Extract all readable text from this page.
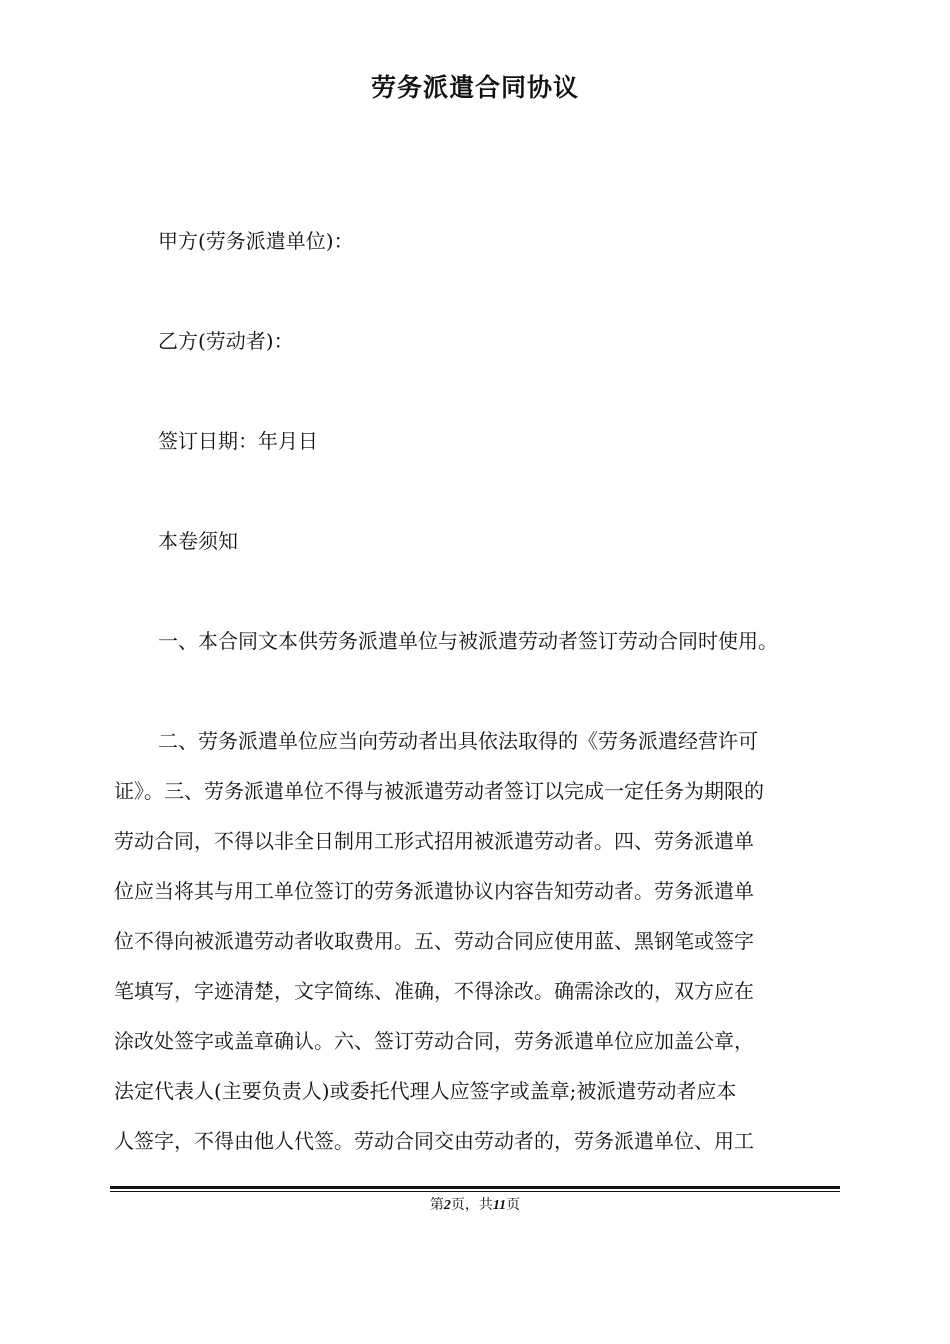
劳务派遣合同协议
甲方(劳务派遣单位)：
乙方(劳动者)：
签订日期：年月日
本卷须知
一、本合同文本供劳务派遣单位与被派遣劳动者签订劳动合同时使用。
二、劳务派遣单位应当向劳动者出具依法取得的《劳务派遣经营许可
证》。三、劳务派遣单位不得与被派遣劳动者签订以完成一定任务为期限的
劳动合同，不得以非全日制用工形式招用被派遣劳动者。四、劳务派遣单
位应当将其与用工单位签订的劳务派遣协议内容告知劳动者。劳务派遣单
位不得向被派遣劳动者收取费用。五、劳动合同应使用蓝、黑钢笔或签字
笔填写，字迹清楚，文字简练、准确，不得涂改。确需涂改的，双方应在
涂改处签字或盖章确认。六、签订劳动合同，劳务派遣单位应加盖公章，
法定代表人(主要负责人)或委托代理人应签字或盖章;被派遣劳动者应本
人签字，不得由他人代签。劳动合同交由劳动者的，劳务派遣单位、用工
第2页，共11页
